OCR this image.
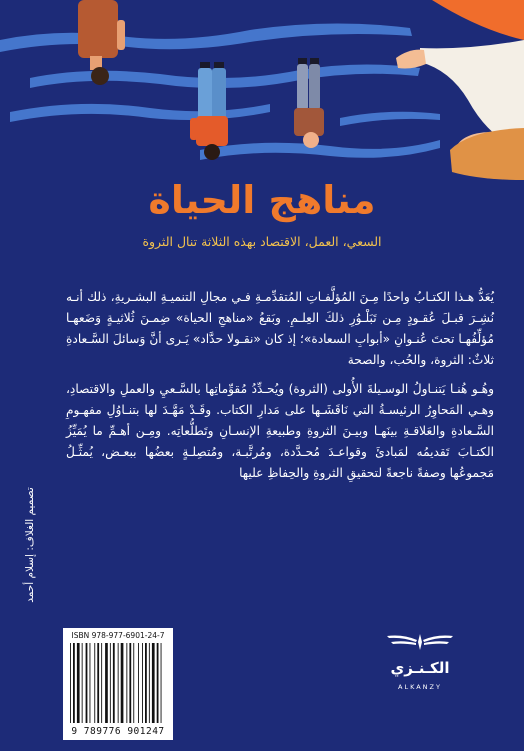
مناهج الحياة
السعي، العمل، الاقتصاد بهذه الثلاثة تنال الثروة

يُعَدُّ هـذا الكتـابُ واحدًا مِـنَ المُؤلَّفـاتِ المُتقدِّمـةِ فـي مجالِ التنميـةِ البشـريةِ، ذلك أنـه نُشِـرَ قبـلَ عُقـودٍ مِـن تَبَلْـوُرِ ذلكَ العِلـمِ. وبَقعُ «مناهجِ الحياة» ضِمـنَ ثُلاثيـةٍ وَضَعهـا مُؤلِّفُهـا تحتَ عُنـوانِ «أبوابِ السعادة»؛ إذ كان «نقـولا حدَّاد» يَـرى أنَّ وَسائلَ السَّـعادةِ ثلاثٌ: الثروة، والحُب، والصحة

وهُـو هُنـا يَتنـاولُ الوسـيلةَ الأُولى (الثروة) ويُحـدِّدُ مُقوِّماتِها بالسَّـعيِ والعملِ والاقتصادِ، وهـي المَحاوِرُ الرئيسـةُ التي نَاقَشَـها على مَدارِ الكتاب. وقَـدْ مَهَّـدَ لها بتنـاوُلِ مفهـومِ السَّـعادةِ والعَلاقـةِ بينَهـا وبيـنَ الثروةِ وطبيعةِ الإنسـانِ وتَطلُّعاتِه. ومِـن أهـمِّ ما يُمَيِّزُ الكتـابَ تَقديمُه لمَبادئَ وقواعـدَ مُحـدَّدة، ومُرتَّبـة، ومُتصِلـةٍ بعضُها ببعـض، يُمثِّـلُ مَجموعُها وصفةً ناجعةً لتحقيقِ الثروةِ والحِفاظِ عليها

تصميم الغلاف: إسلام أحمد
ISBN 978-977-6901-24-7
9 789776 901247
الكـنـزي
ALKANZY
